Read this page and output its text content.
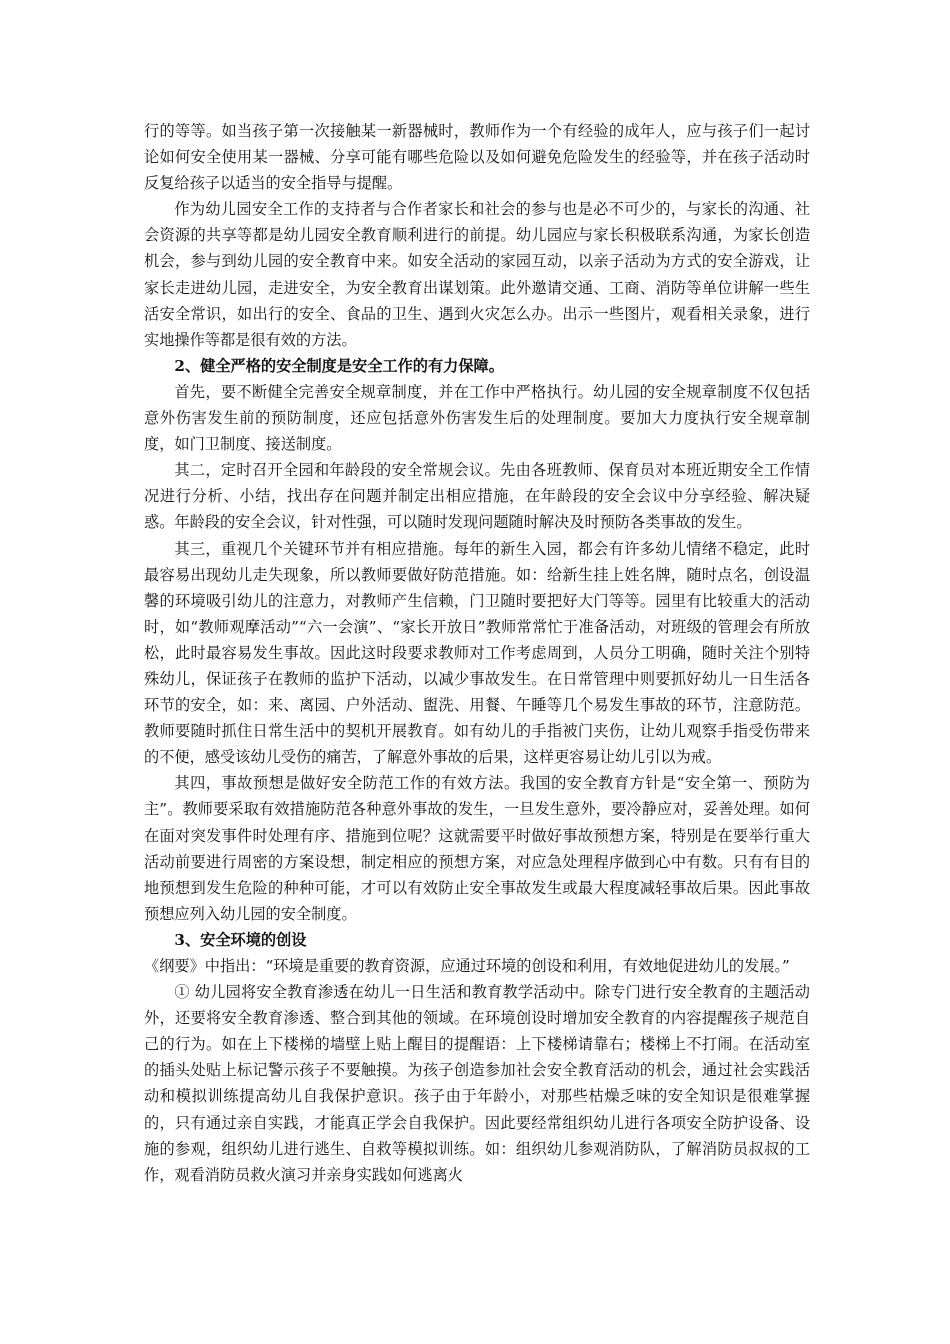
行的等等。如当孩子第一次接触某一新器械时，教师作为一个有经验的成年人，应与孩子们一起讨论如何安全使用某一器械、分享可能有哪些危险以及如何避免危险发生的经验等，并在孩子活动时反复给孩子以适当的安全指导与提醒。

作为幼儿园安全工作的支持者与合作者家长和社会的参与也是必不可少的，与家长的沟通、社会资源的共享等都是幼儿园安全教育顺利进行的前提。幼儿园应与家长积极联系沟通，为家长创造机会，参与到幼儿园的安全教育中来。如安全活动的家园互动，以亲子活动为方式的安全游戏，让家长走进幼儿园，走进安全，为安全教育出谋划策。此外邀请交通、工商、消防等单位讲解一些生活安全常识，如出行的安全、食品的卫生、遇到火灾怎么办。出示一些图片，观看相关录象，进行实地操作等都是很有效的方法。

2、健全严格的安全制度是安全工作的有力保障。

首先，要不断健全完善安全规章制度，并在工作中严格执行。幼儿园的安全规章制度不仅包括意外伤害发生前的预防制度，还应包括意外伤害发生后的处理制度。要加大力度执行安全规章制度，如门卫制度、接送制度。

其二，定时召开全园和年龄段的安全常规会议。先由各班教师、保育员对本班近期安全工作情况进行分析、小结，找出存在问题并制定出相应措施，在年龄段的安全会议中分享经验、解决疑惑。年龄段的安全会议，针对性强，可以随时发现问题随时解决及时预防各类事故的发生。

其三，重视几个关键环节并有相应措施。每年的新生入园，都会有许多幼儿情绪不稳定，此时最容易出现幼儿走失现象，所以教师要做好防范措施。如：给新生挂上姓名牌，随时点名，创设温馨的环境吸引幼儿的注意力，对教师产生信赖，门卫随时要把好大门等等。园里有比较重大的活动时，如“教师观摩活动”“六一会演”、“家长开放日”教师常常忙于准备活动，对班级的管理会有所放松，此时最容易发生事故。因此这时段要求教师对工作考虑周到，人员分工明确，随时关注个别特殊幼儿，保证孩子在教师的监护下活动，以减少事故发生。在日常管理中则要抓好幼儿一日生活各环节的安全，如：来、离园、户外活动、盥洗、用餐、午睡等几个易发生事故的环节，注意防范。教师要随时抓住日常生活中的契机开展教育。如有幼儿的手指被门夹伤，让幼儿观察手指受伤带来的不便，感受该幼儿受伤的痛苦，了解意外事故的后果，这样更容易让幼儿引以为戒。

其四，事故预想是做好安全防范工作的有效方法。我国的安全教育方针是“安全第一、预防为主”。教师要采取有效措施防范各种意外事故的发生，一旦发生意外，要冷静应对，妥善处理。如何在面对突发事件时处理有序、措施到位呢？这就需要平时做好事故预想方案，特别是在要举行重大活动前要进行周密的方案设想，制定相应的预想方案，对应急处理程序做到心中有数。只有有目的地预想到发生危险的种种可能，才可以有效防止安全事故发生或最大程度减轻事故后果。因此事故预想应列入幼儿园的安全制度。

3、安全环境的创设

《纲要》中指出：“环境是重要的教育资源，应通过环境的创设和利用，有效地促进幼儿的发展。”

① 幼儿园将安全教育渗透在幼儿一日生活和教育教学活动中。除专门进行安全教育的主题活动外，还要将安全教育渗透、整合到其他的领域。在环境创设时增加安全教育的内容提醒孩子规范自己的行为。如在上下楼梯的墙壁上贴上醒目的提醒语：上下楼梯请靠右；楼梯上不打闹。在活动室的插头处贴上标记警示孩子不要触摸。为孩子创造参加社会安全教育活动的机会，通过社会实践活动和模拟训练提高幼儿自我保护意识。孩子由于年龄小，对那些枯燥乏味的安全知识是很难掌握的，只有通过亲自实践，才能真正学会自我保护。因此要经常组织幼儿进行各项安全防护设备、设施的参观，组织幼儿进行逃生、自救等模拟训练。如：组织幼儿参观消防队，了解消防员叔叔的工作，观看消防员救火演习并亲身实践如何逃离火
